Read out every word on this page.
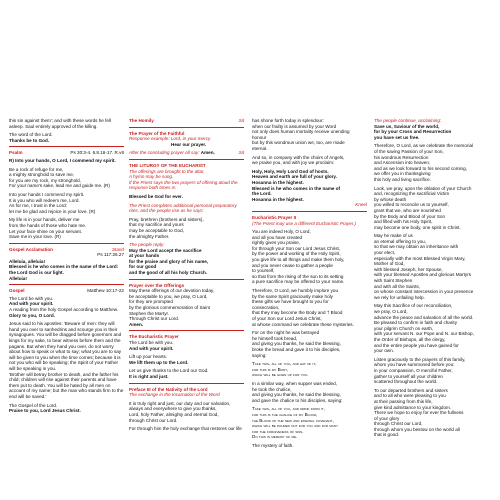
this sin against them'; and with these words he fell asleep. Saul entirely approved of the killing.
The word of the Lord.
Thanks be to God.
Psalm	Ps 30:3-4. 6.8.16-17. R.v6
R) Into your hands, O Lord, I commend my spirit.
Be a rock of refuge for me,
a mighty stronghold to save me,
for you are my rock, my stronghold.
For your name's sake, lead me and guide me. (R)
Into your hands I commend my spirit.
It is you who will redeem me, Lord.
As for me, I trust in the Lord:
let me be glad and rejoice in your love. (R)
My life is in your hands, deliver me
from the hands of those who hate me.
Let your face shine on your servant.
Save me in your love. (R)
Gospel Acclamation	Stand
Ps 117:26.27
Alleluia, alleluia!
Blessed is he who comes in the name of the Lord:
the Lord God is our light.
Alleluia!
Gospel	Matthew 10:17-22
The Lord be with you.
And with your spirit.
A reading from the holy Gospel according to Matthew.
Glory to you, O Lord.
Jesus said to his apostles: 'Beware of men: they will hand you over to sanhedrins and scourge you in their synagogues. You will be dragged before governors and kings for my sake, to bear witness before them and the pagans. But when they hand you over, do not worry about how to speak or what to say; what you are to say will be given to you when the time comes; because it is not you who will be speaking; the Spirit of your Father will be speaking in you.
'Brother will betray brother to death, and the father his child; children will rise against their parents and have them put to death. You will be hated by all men on account of my name; but the man who stands firm to the end will be saved.'
The Gospel of the Lord.
Praise to you, Lord Jesus Christ.
The Homily	Sit
The Prayer of the Faithful
Response example: Lord, in your mercy.
Hear our prayer.
After the concluding prayer all say: Amen.	Sit
THE LITURGY OF THE EUCHARIST
The offerings are brought to the altar.
A hymn may be sung.
If the Priest says the two prayers of offering aloud the response both times is:
Blessed be God for ever.
The Priest completes additional personal preparatory rites, and the people rise as he says:
Pray, brethren (brothers and sisters),
that my sacrifice and yours
may be acceptable to God,
the almighty Father.
The people reply:
May the Lord accept the sacrifice
at your hands
for the praise and glory of his name,
for our good
and the good of all his holy Church.
Prayer over the Offerings
May these offerings of our devotion today,
be acceptable to you, we pray, O Lord,
for they are prompted
by the glorious commemoration of Saint
Stephen the Martyr.
Through Christ our Lord.
Amen.
The Eucharistic Prayer
The Lord be with you.
And with your spirit.
Lift up your hearts.
We lift them up to the Lord.
Let us give thanks to the Lord our God.
It is right and just.
Preface III of the Nativity of the Lord
The exchange in the Incarnation of the Word
It is truly right and just, our duty and our salvation,
always and everywhere to give you thanks,
Lord, holy Father, almighty and eternal God,
through Christ our Lord.
For through him the holy exchange that restores our life
has shone forth today in splendour:
when our frailty is assumed by your Word
not only does human mortality receive unending
honour
but by this wondrous union we, too, are made
eternal.
And so, in company with the choirs of Angels,
we praise you, and with joy we proclaim:
Holy, Holy, Holy Lord God of hosts.
Heaven and earth are full of your glory.
Hosanna in the highest.
Blessed is he who comes in the name of
the Lord.
Hosanna in the highest.
Kneel
Eucharistic Prayer II
(The Priest may use a different Eucharistic Prayer.)
You are indeed Holy, O Lord,
and all you have created
rightly gives you praise,
for through your Son our Lord Jesus Christ,
by the power and working of the Holy Spirit,
you give life to all things and make them holy,
and you never cease to gather a people
to yourself,
so that from the rising of the sun to its setting
a pure sacrifice may be offered to your name.
Therefore, O Lord, we humbly implore you
by the same Spirit graciously make holy
these gifts we have brought to you for
consecration,
that they may become the Body and † Blood
of your Son our Lord Jesus Christ,
at whose command we celebrate these mysteries.
For on the night he was betrayed
he himself took bread,
and giving you thanks, he said the blessing,
broke the bread and gave it to his disciples,
saying:
Take this, all of you, and eat of it,
for this is my Body,
which will be given up for you.
In a similar way, when supper was ended,
he took the chalice,
and giving you thanks, he said the blessing,
and gave the chalice to his disciples, saying:
Take this, all of you, and drink from it,
for this is the chalice of my Blood,
the Blood of the new and eternal covenant,
which will be poured out for you and for many
for the forgiveness of sins.
Do this in memory of me.
The mystery of faith.
The people continue, acclaiming:
Save us, Saviour of the world,
for by your Cross and Resurrection
you have set us free.
Therefore, O Lord, as we celebrate the memorial
of the saving Passion of your Son,
his wondrous Resurrection
and Ascension into heaven,
and as we look forward to his second coming,
we offer you in thanksgiving
this holy and living sacrifice.
Look, we pray, upon the oblation of your Church
and, recognizing the sacrificial Victim
by whose death
you willed to reconcile us to yourself,
grant that we, who are nourished
by the Body and Blood of your Son
and filled with his Holy Spirit,
may become one body, one spirit in Christ.
May he make of us
an eternal offering to you,
so that we may obtain an inheritance with
your elect,
especially with the most Blessed Virgin Mary,
Mother of God,
with blessed Joseph, her Spouse,
with your blessed Apostles and glorious Martyrs
with Saint Stephen
and with all the Saints,
on whose constant intercession in your presence
we rely for unfailing help.
May this Sacrifice of our reconciliation,
we pray, O Lord,
advance the peace and salvation of all the world.
Be pleased to confirm in faith and charity
your pilgrim Church on earth,
with your servant N. our Pope and N. our Bishop,
the Order of Bishops, all the clergy,
and the entire people you have gained for
your own.
Listen graciously to the prayers of this family,
whom you have summoned before you:
in your compassion, O merciful Father,
gather to yourself all your children
scattered throughout the world.
To our departed brothers and sisters
and to all who were pleasing to you
at their passing from this life,
give kind admittance to your kingdom.
There we hope to enjoy for ever the fullness
of your glory
through Christ our Lord,
through whom you bestow on the world all
that is good.
